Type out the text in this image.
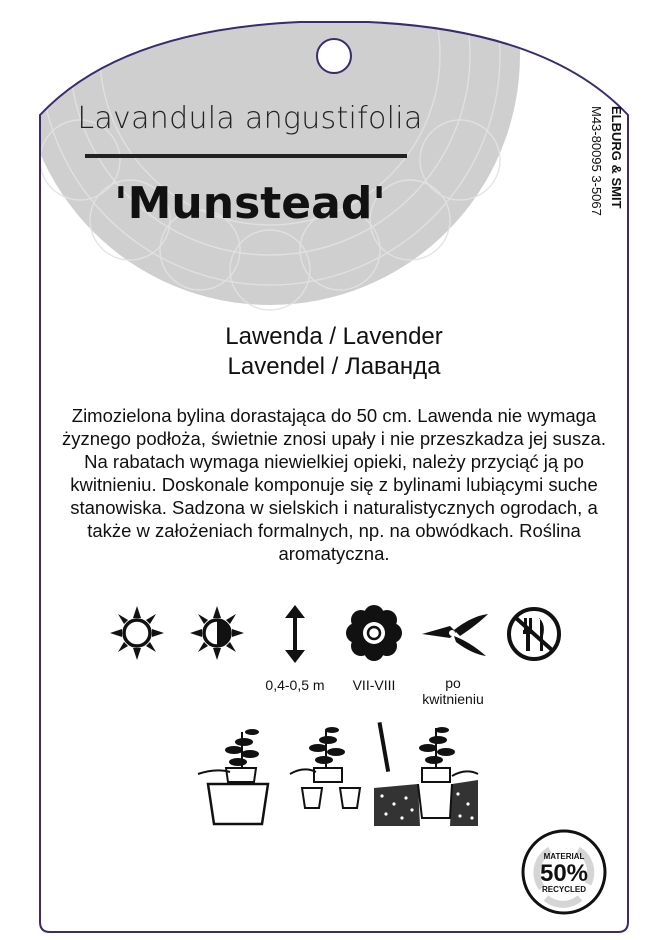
Lavandula angustifolia
'Munstead'	ELBURG & SMIT
M43-80095 3-5067
Lawenda / Lavender
Lavendel / Лаванда
Zimozielona bylina dorastająca do 50 cm. Lawenda nie wymaga żyznego podłoża, świetnie znosi upały i nie przeszkadza jej susza. Na rabatach wymaga niewielkiej opieki, należy przyciąć ją po kwitnieniu. Doskonale komponuje się z bylinami lubiącymi suche stanowiska. Sadzona w sielskich i naturalistycznych ogrodach, a także w założeniach formalnych, np. na obwódkach. Roślina aromatyczna.
0,4-0,5 m	VII-VIII	po
kwitnieniu
MATERIAL
50%
RECYCLED
